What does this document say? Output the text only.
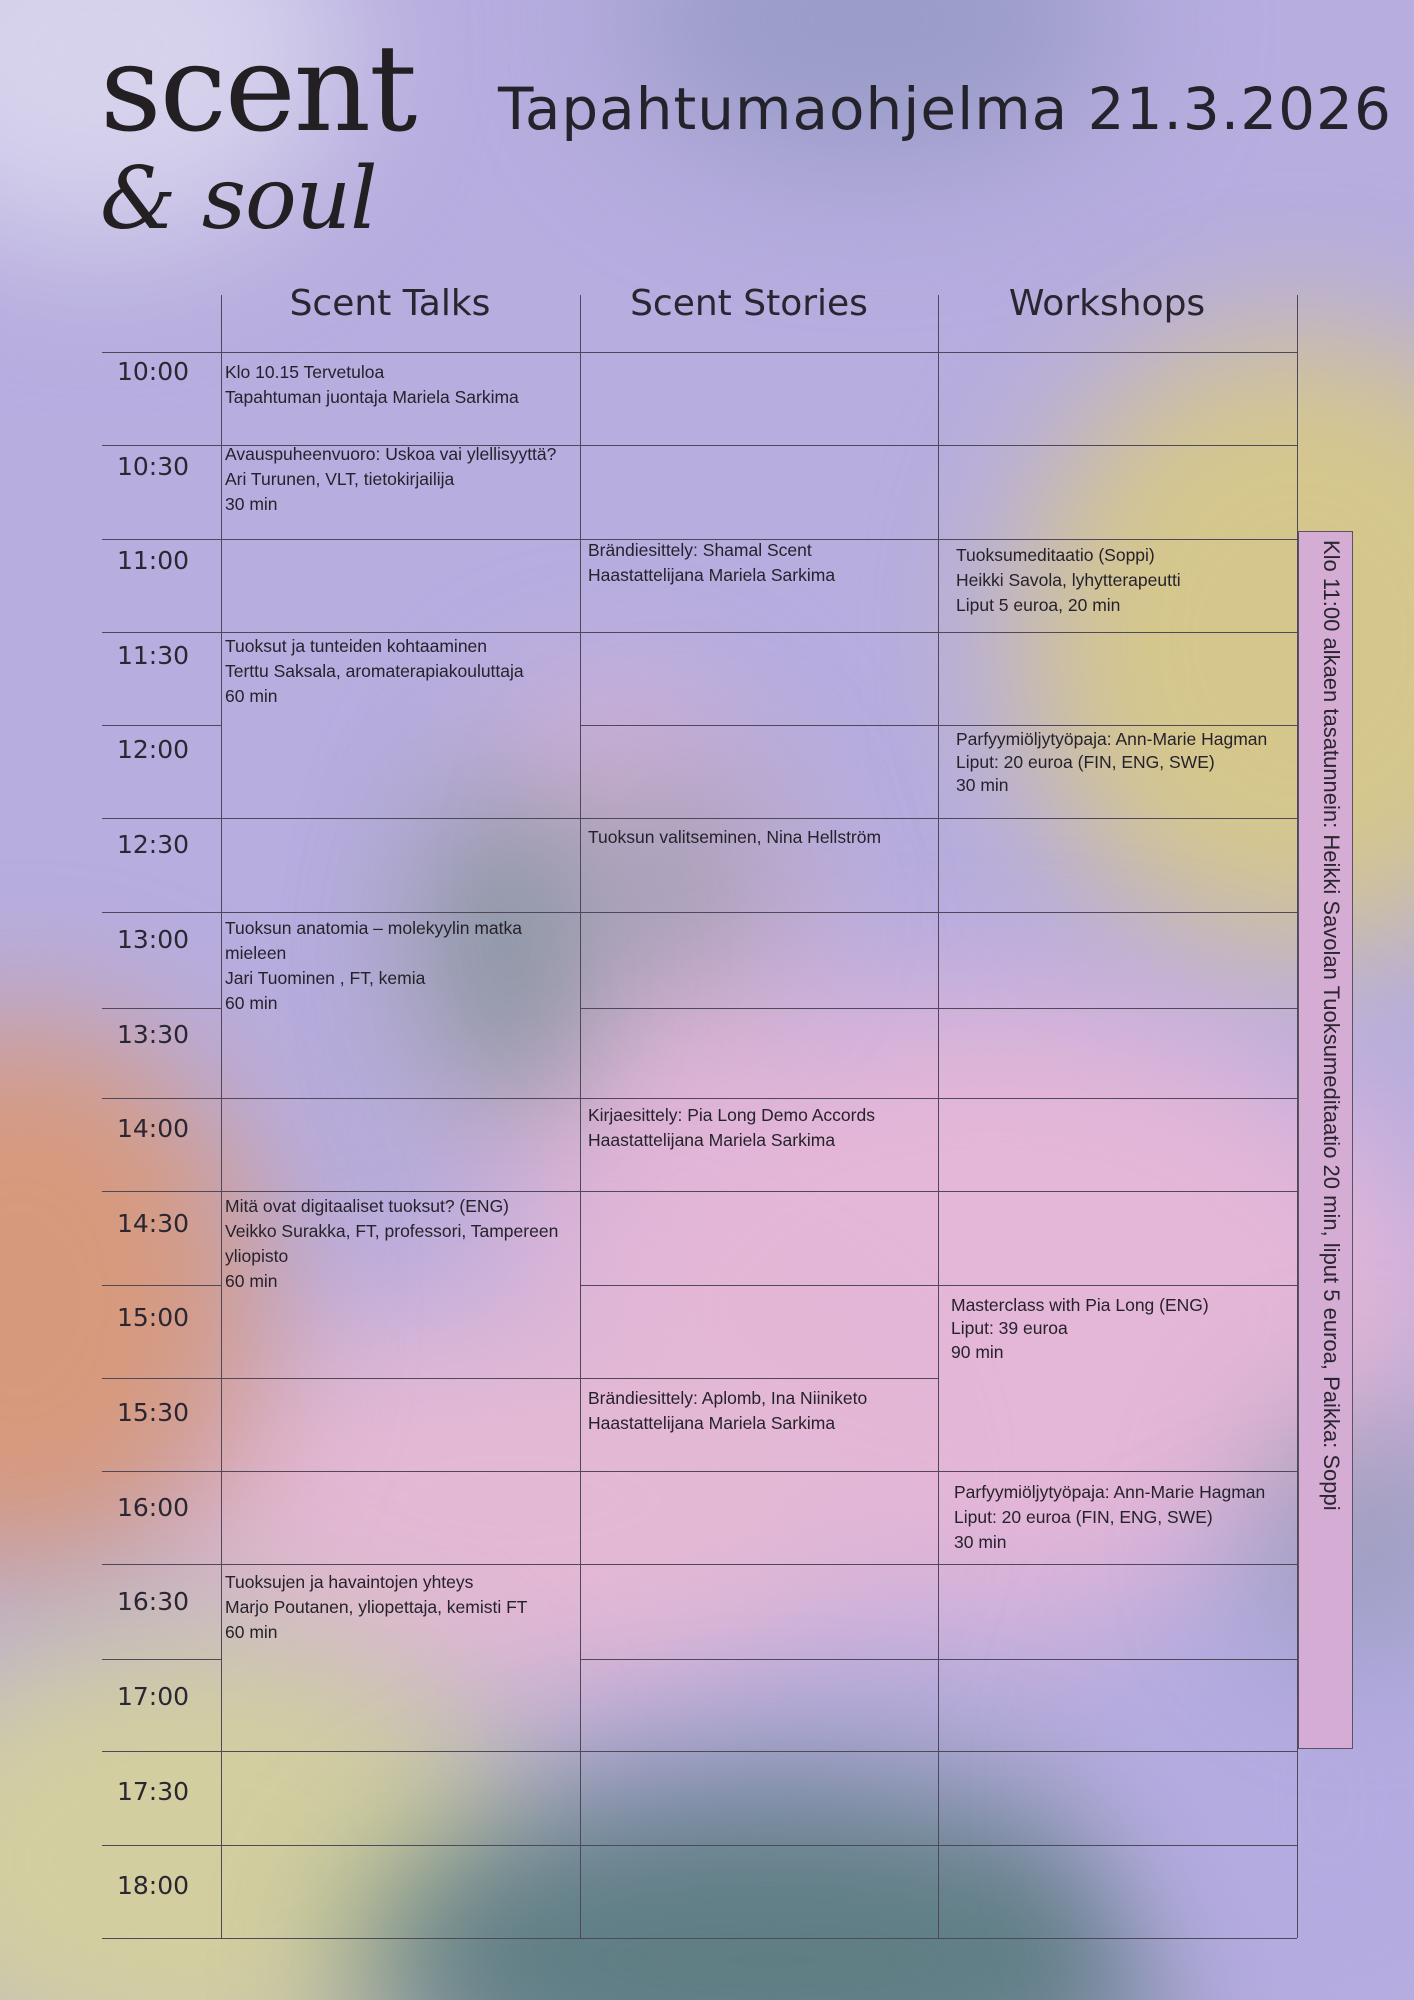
scent
& soul
Tapahtumaohjelma 21.3.2026
Scent Talks	Scent Stories	Workshops
10:00
10:30
11:00
11:30
12:00
12:30
13:00
13:30
14:00
14:30
15:00
15:30
16:00
16:30
17:00
17:30
18:00
Klo 10.15 Tervetuloa
Tapahtuman juontaja Mariela Sarkima
Avauspuheenvuoro: Uskoa vai ylellisyyttä?
Ari Turunen, VLT, tietokirjailija
30 min
Tuoksut ja tunteiden kohtaaminen
Terttu Saksala, aromaterapiakouluttaja
60 min
Tuoksun anatomia – molekyylin matka
mieleen
Jari Tuominen , FT, kemia
60 min
Mitä ovat digitaaliset tuoksut? (ENG)
Veikko Surakka, FT, professori, Tampereen
yliopisto
60 min
Tuoksujen ja havaintojen yhteys
Marjo Poutanen, yliopettaja, kemisti FT
60 min
Brändiesittely: Shamal Scent
Haastattelijana Mariela Sarkima
Tuoksun valitseminen, Nina Hellström
Kirjaesittely: Pia Long Demo Accords
Haastattelijana Mariela Sarkima
Brändiesittely: Aplomb, Ina Niiniketo
Haastattelijana Mariela Sarkima
Tuoksumeditaatio (Soppi)
Heikki Savola, lyhytterapeutti
Liput 5 euroa, 20 min
Parfyymiöljytyöpaja: Ann-Marie Hagman
Liput: 20 euroa (FIN, ENG, SWE)
30 min
Masterclass with Pia Long (ENG)
Liput: 39 euroa
90 min
Parfyymiöljytyöpaja: Ann-Marie Hagman
Liput: 20 euroa (FIN, ENG, SWE)
30 min
Klo 11:00 alkaen tasatunnein: Heikki Savolan Tuoksumeditaatio 20 min, liput 5 euroa, Paikka: Soppi
